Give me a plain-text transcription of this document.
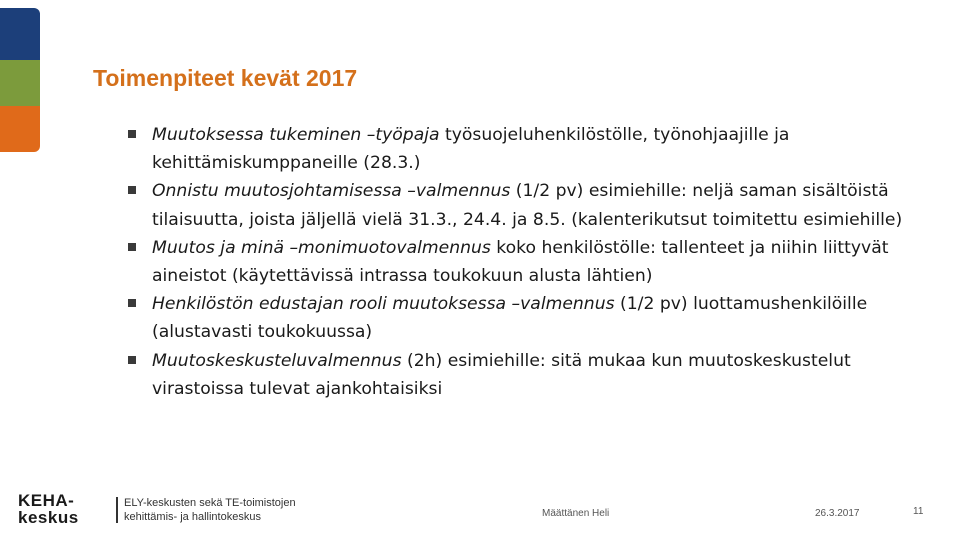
Toimenpiteet kevät 2017
Muutoksessa tukeminen –työpaja työsuojeluhenkilöstölle, työnohjaajille ja kehittämiskumppaneille (28.3.)
Onnistu muutosjohtamisessa –valmennus (1/2 pv) esimiehille: neljä saman sisältöistä tilaisuutta, joista jäljellä vielä 31.3., 24.4. ja 8.5. (kalenterikutsut toimitettu esimiehille)
Muutos ja minä –monimuotovalmennus koko henkilöstölle: tallenteet ja niihin liittyvät aineistot (käytettävissä intrassa toukokuun alusta lähtien)
Henkilöstön edustajan rooli muutoksessa –valmennus (1/2 pv) luottamushenkilöille (alustavasti toukokuussa)
Muutoskeskusteluvalmennus (2h) esimiehille: sitä mukaa kun muutoskeskustelut virastoissa tulevat ajankohtaisiksi
KEHA-
keskus
ELY-keskusten sekä TE-toimistojen
kehittämis- ja hallintokeskus	Määttänen Heli	26.3.2017	11
